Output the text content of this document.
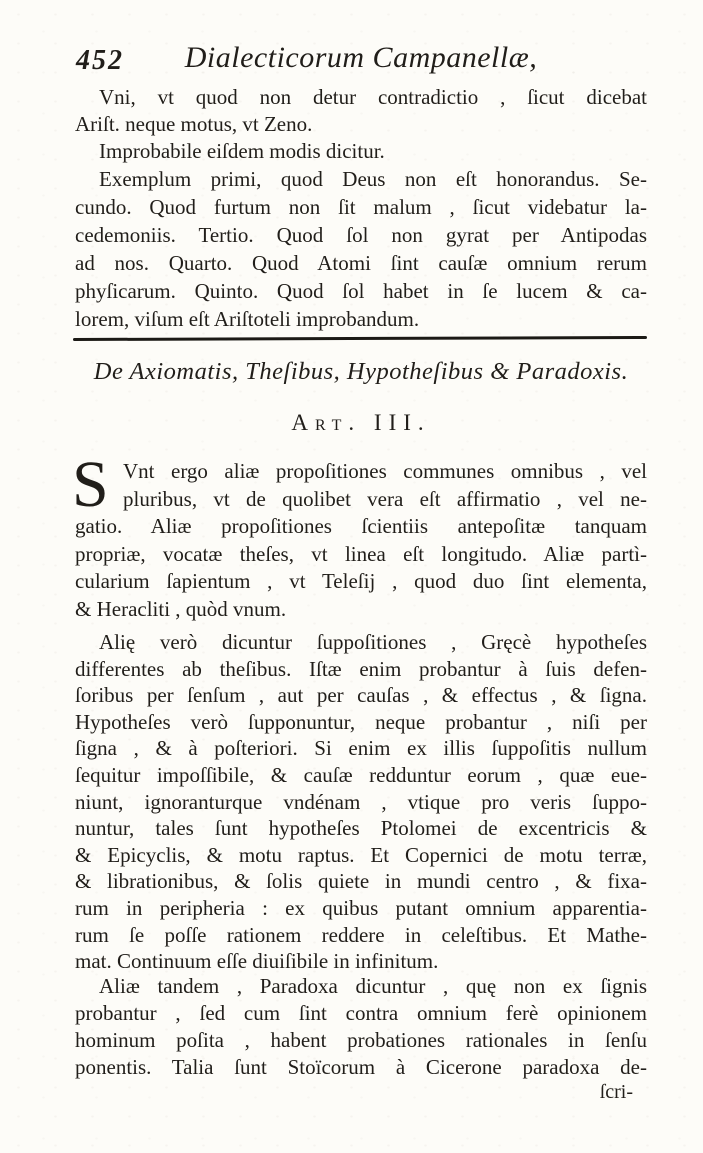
452	Dialecticorum Campanellæ,
Vni, vt quod non detur contradictio , ſicut dicebat
Ariſt. neque motus, vt Zeno.
Improbabile eiſdem modis dicitur.
Exemplum primi, quod Deus non eſt honorandus. Se-
cundo. Quod furtum non ſit malum , ſicut videbatur la-
cedemoniis. Tertio. Quod ſol non gyrat per Antipodas
ad nos. Quarto. Quod Atomi ſint cauſæ omnium rerum
phyſicarum. Quinto. Quod ſol habet in ſe lucem & ca-
lorem, viſum eſt Ariſtoteli improbandum.
De Axiomatis, Theſibus, Hypotheſibus & Paradoxis.
Art. III.
S Vnt ergo aliæ propoſitiones communes omnibus , vel
pluribus, vt de quolibet vera eſt affirmatio , vel ne-
gatio. Aliæ propoſitiones ſcientiis antepoſitæ tanquam
propriæ, vocatæ theſes, vt linea eſt longitudo. Aliæ partì-
cularium ſapientum , vt Teleſij , quod duo ſint elementa,
& Heracliti , quòd vnum.
Alię verò dicuntur ſuppoſitiones , Gręcè hypotheſes
differentes ab theſibus. Iſtæ enim probantur à ſuis defen-
ſoribus per ſenſum , aut per cauſas , & effectus , & ſigna.
Hypotheſes verò ſupponuntur, neque probantur , niſi per
ſigna , & à poſteriori. Si enim ex illis ſuppoſitis nullum
ſequitur impoſſibile, & cauſæ redduntur eorum , quæ eue-
niunt, ignoranturque vndénam , vtique pro veris ſuppo-
nuntur, tales ſunt hypotheſes Ptolomei de excentricis &
& Epicyclis, & motu raptus. Et Copernici de motu terræ,
& librationibus, & ſolis quiete in mundi centro , & fixa-
rum in peripheria : ex quibus putant omnium apparentia-
rum ſe poſſe rationem reddere in celeſtibus. Et Mathe-
mat. Continuum eſſe diuiſibile in infinitum.
Aliæ tandem , Paradoxa dicuntur , quę non ex ſignis
probantur , ſed cum ſint contra omnium ferè opinionem
hominum poſita , habent probationes rationales in ſenſu
ponentis. Talia ſunt Stoïcorum à Cicerone paradoxa de-
ſcri-
